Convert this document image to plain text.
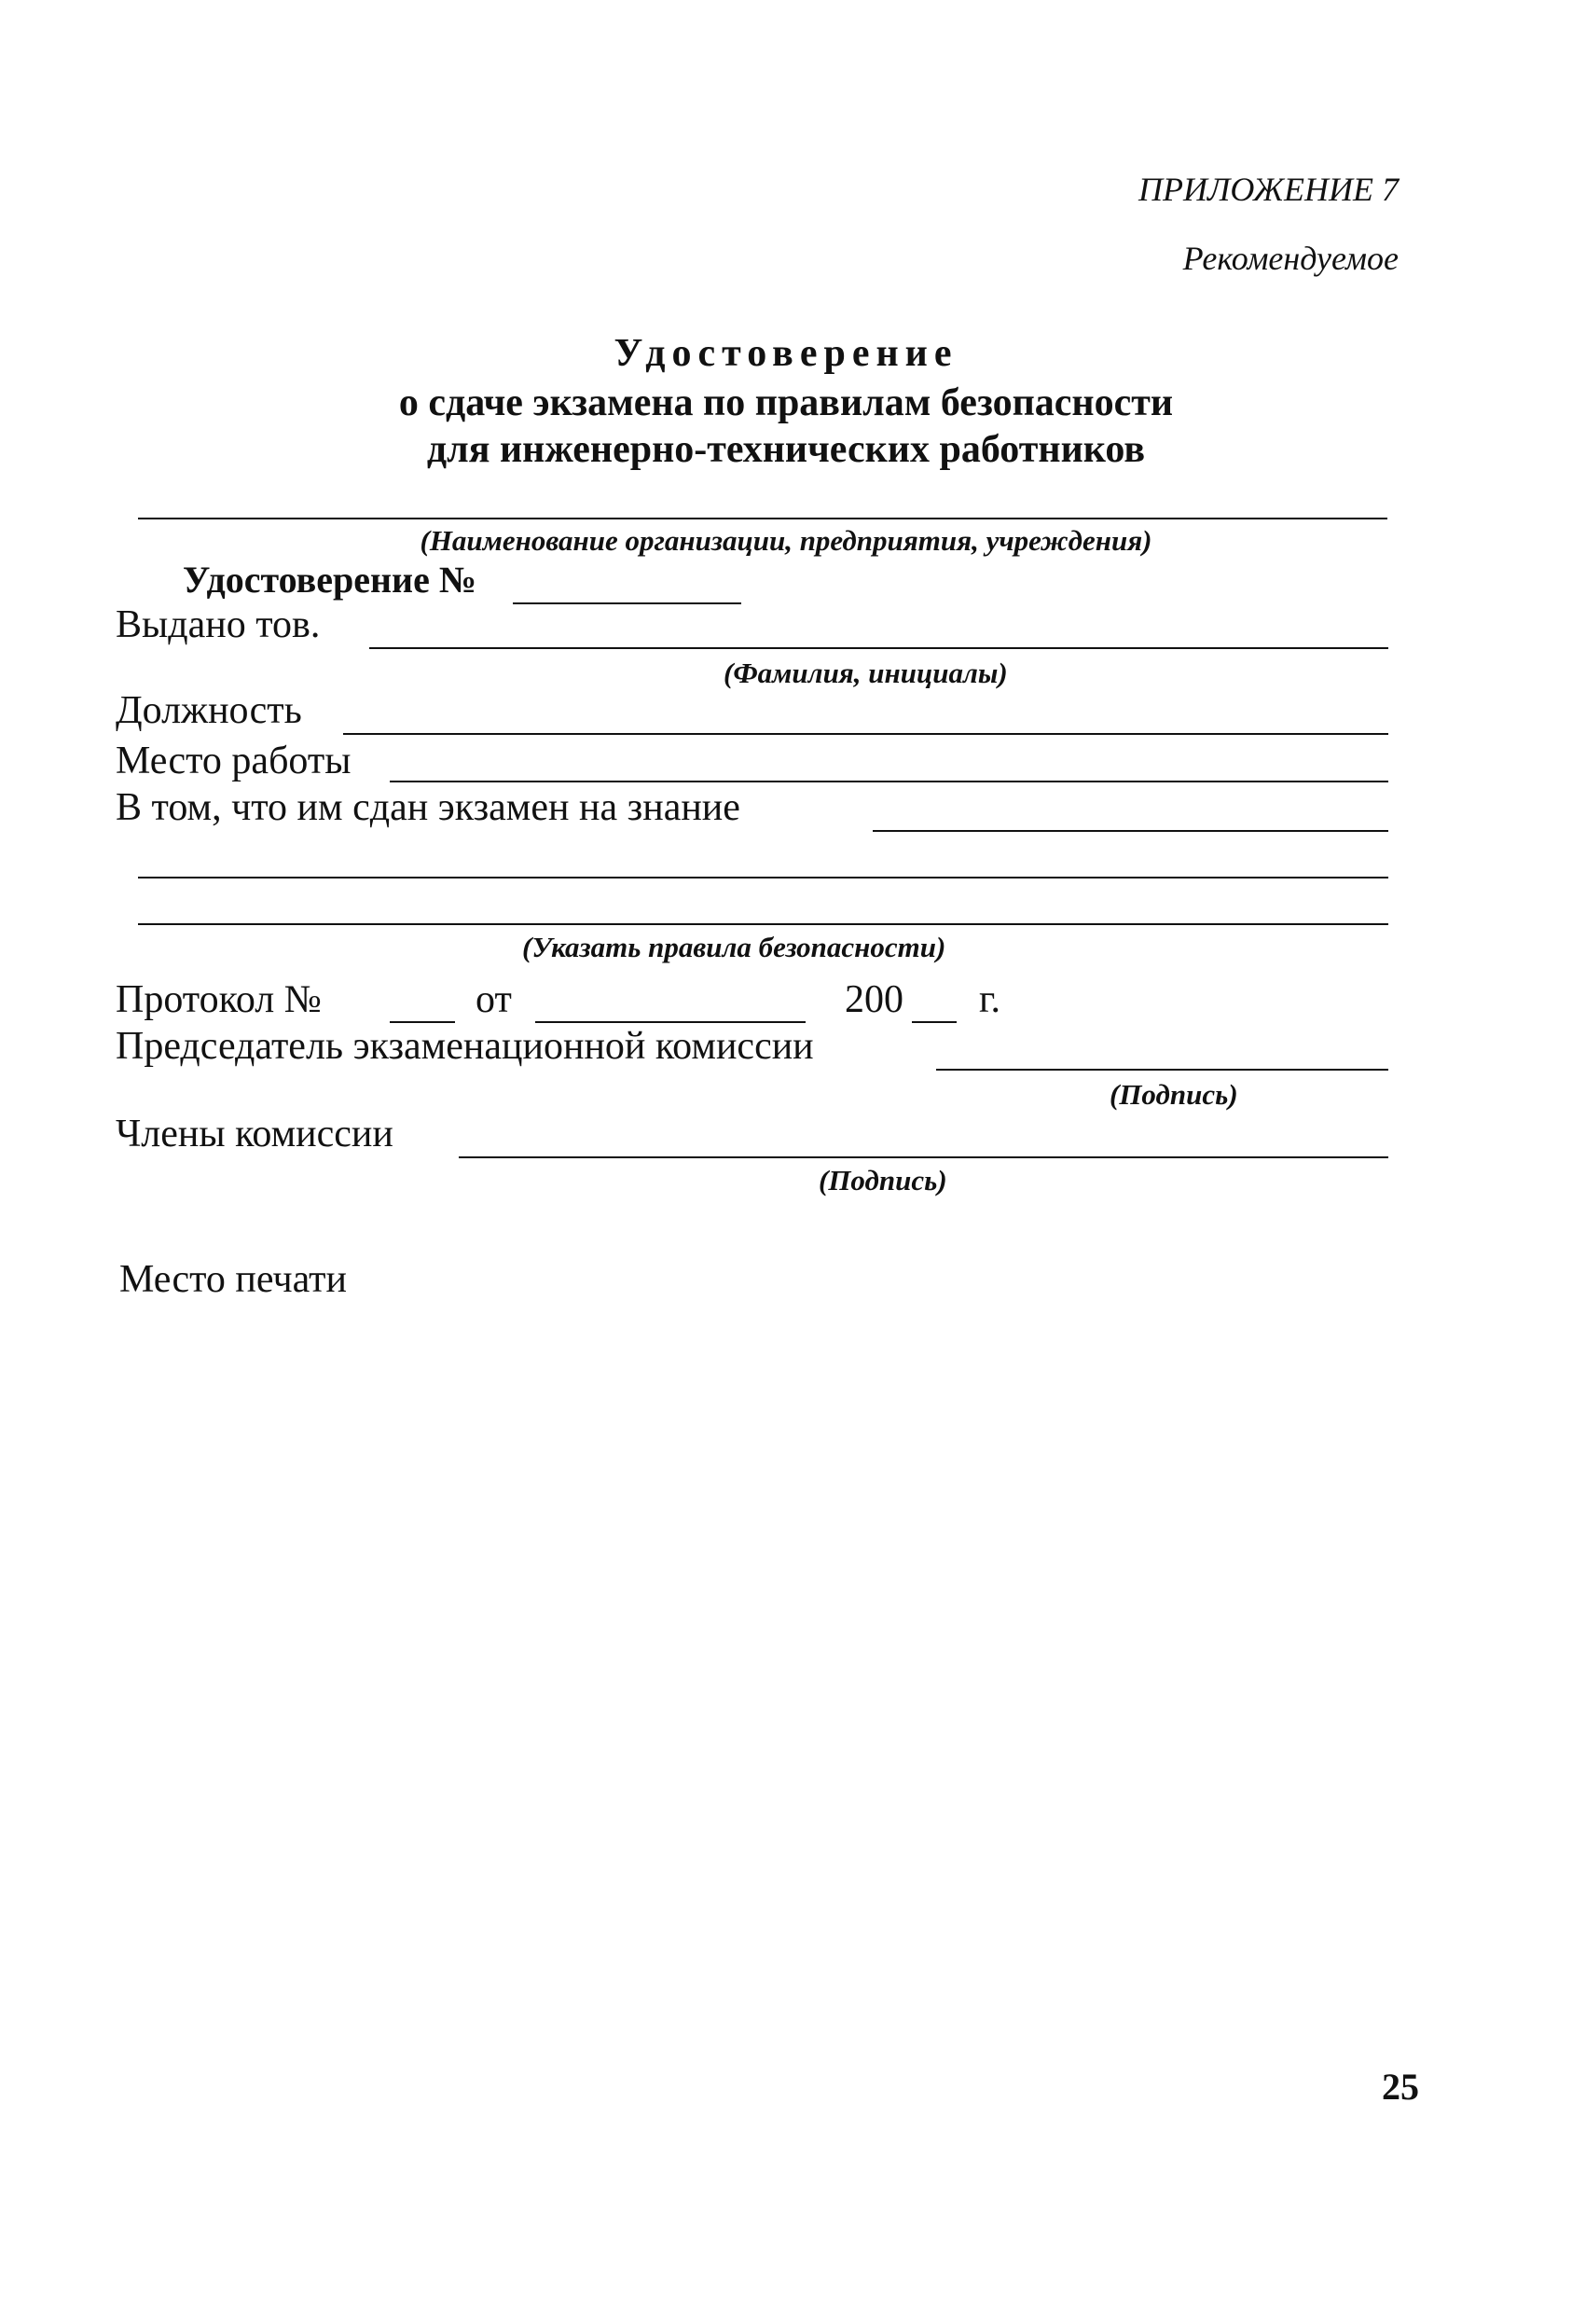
ПРИЛОЖЕНИЕ 7
Рекомендуемое
Удостоверение
о сдаче экзамена по правилам безопасности
для инженерно-технических работников
(Наименование организации, предприятия, учреждения)
Удостоверение №
Выдано тов.
(Фамилия, инициалы)
Должность
Место работы
В том, что им сдан экзамен на знание
(Указать правила безопасности)
Протокол №	от	200 г.
Председатель экзаменационной комиссии
(Подпись)
Члены комиссии
(Подпись)
Место печати
25
